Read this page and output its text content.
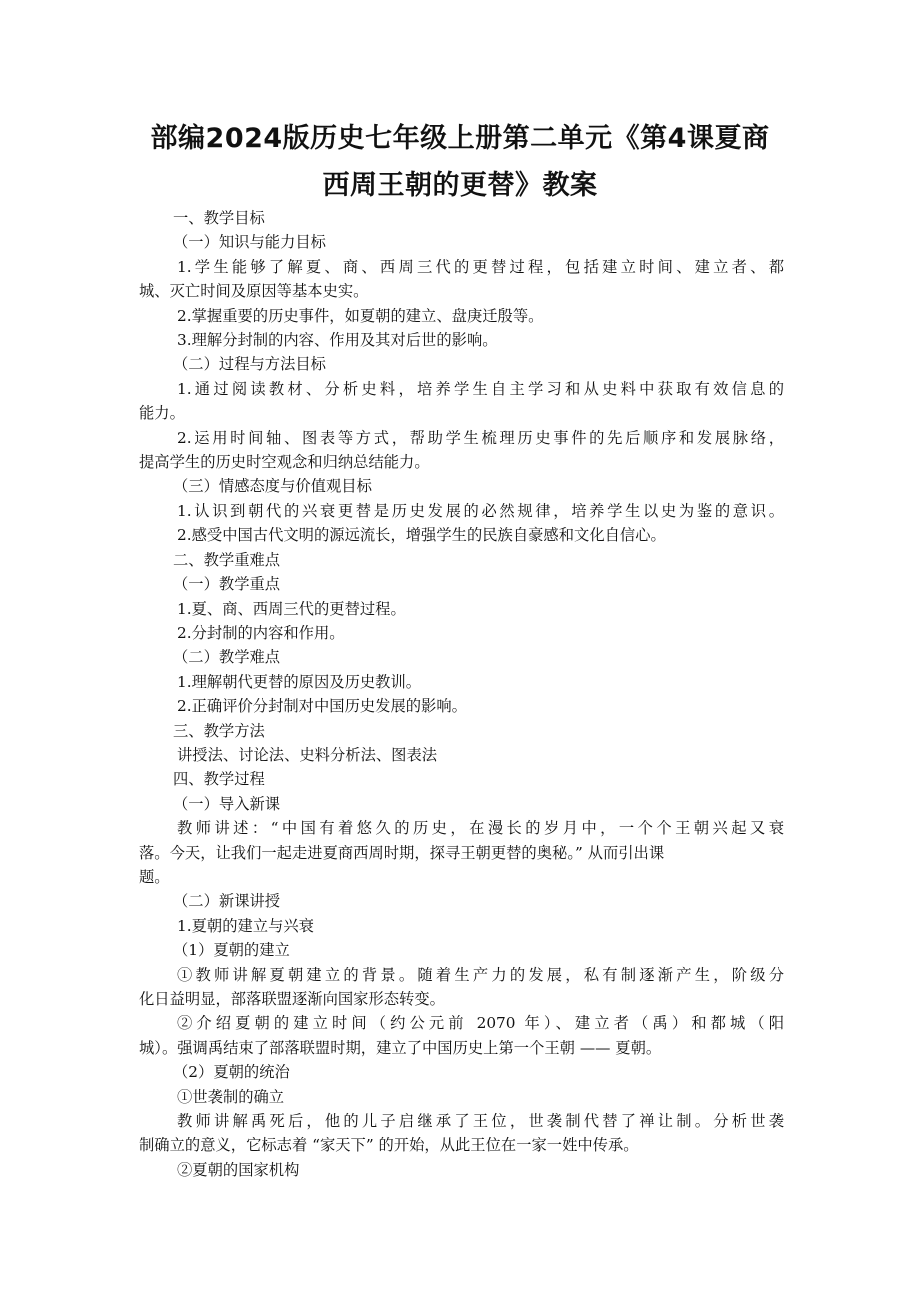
部编2024版历史七年级上册第二单元《第4课夏商
西周王朝的更替》教案
一、教学目标
（一）知识与能力目标
1.学生能够了解夏、商、西周三代的更替过程，包括建立时间、建立者、都
城、灭亡时间及原因等基本史实。
2.掌握重要的历史事件，如夏朝的建立、盘庚迁殷等。
3.理解分封制的内容、作用及其对后世的影响。
（二）过程与方法目标
1.通过阅读教材、分析史料，培养学生自主学习和从史料中获取有效信息的
能力。
2.运用时间轴、图表等方式，帮助学生梳理历史事件的先后顺序和发展脉络，
提高学生的历史时空观念和归纳总结能力。
（三）情感态度与价值观目标
1.认识到朝代的兴衰更替是历史发展的必然规律，培养学生以史为鉴的意识。
2.感受中国古代文明的源远流长，增强学生的民族自豪感和文化自信心。
二、教学重难点
（一）教学重点
1.夏、商、西周三代的更替过程。
2.分封制的内容和作用。
（二）教学难点
1.理解朝代更替的原因及历史教训。
2.正确评价分封制对中国历史发展的影响。
三、教学方法
讲授法、讨论法、史料分析法、图表法
四、教学过程
（一）导入新课
教师讲述：“中国有着悠久的历史，在漫长的岁月中，一个个王朝兴起又衰
落。今天，让我们一起走进夏商西周时期，探寻王朝更替的奥秘。” 从而引出课
题。
（二）新课讲授
1.夏朝的建立与兴衰
（1）夏朝的建立
①教师讲解夏朝建立的背景。随着生产力的发展，私有制逐渐产生，阶级分
化日益明显，部落联盟逐渐向国家形态转变。
②介绍夏朝的建立时间（约公元前 2070 年）、建立者（禹）和都城（阳
城）。强调禹结束了部落联盟时期，建立了中国历史上第一个王朝 —— 夏朝。
（2）夏朝的统治
①世袭制的确立
教师讲解禹死后，他的儿子启继承了王位，世袭制代替了禅让制。分析世袭
制确立的意义，它标志着 “家天下” 的开始，从此王位在一家一姓中传承。
②夏朝的国家机构
